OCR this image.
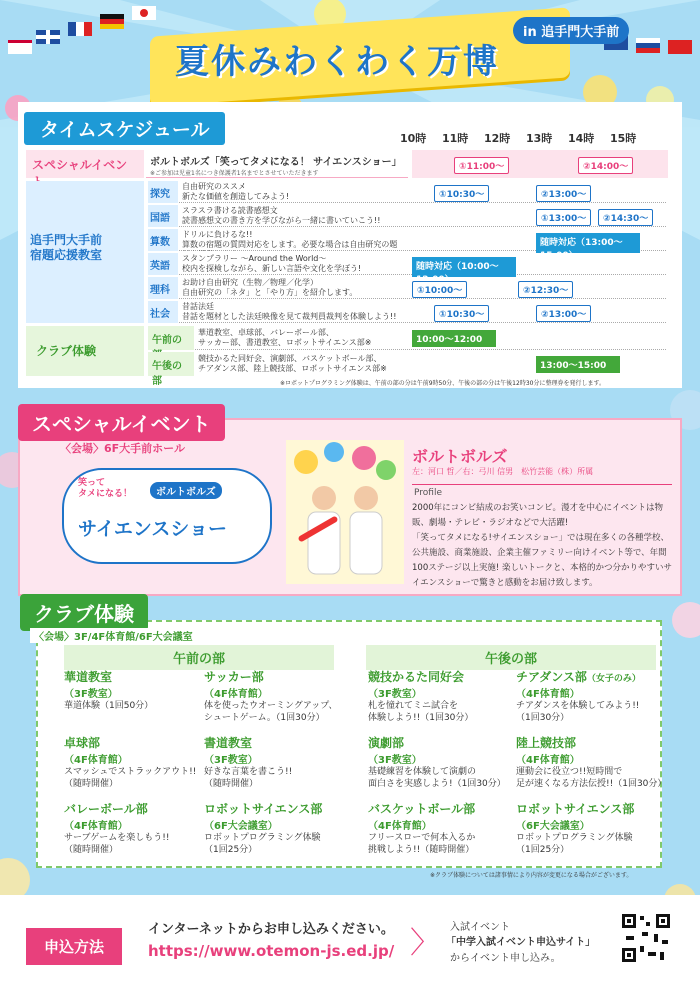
夏休みわくわく万博
in 追手門大手前
タイムスケジュール	10時 11時 12時 13時 14時 15時
スペシャルイベン	ボルトボルズ「笑ってタメになる！ サイエンスショー」
※ご参加は児童1名につき保護者1名までとさせていただきます
①11:00～	②14:00～
追手門大手前
宿題応援教室
探究
自由研究のススメ
新たな価値を創造してみよう!	①10:30～	②13:00～
国語
スラスラ書ける読書感想文
読書感想文の書き方を学びながら一緒に書いていこう!!	①13:00～	②14:30～
算数
ドリルに負けるな!!
算数の宿題の質問対応をします。必要な場合は自由研究の題	随時対応（13:00～
英語
スタンプラリー ～Around the World～
校内を探検しながら、新しい言語や文化を学ぼう!	随時対応（10:00～
理科
お助け自由研究（生物／物理／化学）
自由研究の「ネタ」と「やり方」を紹介します。	①10:00～	②12:30～
社会
昔話法廷
昔話を題材とした法廷映像を見て裁判員裁判を体験しよう!!	①10:30～	②13:00～
クラブ体験
午前の
華道教室、卓球部、バレーボール部、
サッカー部、書道教室、ロボットサイエンス部※	10:00～12:00
午後の部
競技かるた同好会、演劇部、バスケットボール部、
チアダンス部、陸上競技部、ロボットサイエンス部※	13:00～15:00
※ロボットプログラミング体験は、午前の部の分は午前9時50分、午後の部の分は午後12時30分に整理券を発行します。
スペシャルイベント
〈会場〉6F大手前ホール
笑って
タメになる！	ボルトボルズ
サイエンスショー
ボルトボルズ
左：河口 哲／右：弓川 信男　松竹芸能（株）所属
Profile
2000年にコンビ結成のお笑いコンビ。漫才を中心にイベントは物販、劇場・テレビ・ラジオなどで大活躍!
「笑ってタメになる!サイエンスショー」では現在多くの各種学校、公共施設、商業施設、企業主催ファミリー向けイベント等で、年間100ステージ以上実施! 楽しいトークと、本格的かつ分かりやすいサイエンスショーで驚きと感動をお届け致します。
クラブ体験
〈会場〉3F/4F体育館/6F大会議室
午前の部	午後の部
華道教室
（3F教室）
華道体験（1回50分）
サッカー部
（4F体育館）
体を使ったウオーミングアップ、
シュートゲーム。（1回30分）
卓球部
（4F体育館）
スマッシュでストラックアウト!!
（随時開催）
書道教室
（3F教室）
好きな言葉を書こう!!
（随時開催）
バレーボール部
（4F体育館）
サーブゲームを楽しもう!!
（随時開催）
ロボットサイエンス部
（6F大会議室）
ロボットプログラミング体験
（1回25分）
競技かるた同好会
（3F教室）
札を憧れてミニ試合を
体験しよう!!（1回30分）
チアダンス部（女子のみ）
（4F体育館）
チアダンスを体験してみよう!!
（1回30分）
演劇部
（3F教室）
基礎練習を体験して演劇の
面白さを実感しよう!（1回30分）
陸上競技部
（4F体育館）
運動会に役立つ!!短時間で
足が速くなる方法伝授!!（1回30分）
バスケットボール部
（4F体育館）
フリースローで何本入るか
挑戦しよう!!（随時開催）
ロボットサイエンス部
（6F大会議室）
ロボットプログラミング体験
（1回25分）
※クラブ体験については諸事情により内容が変更になる場合がございます。
申込方法
インターネットからお申し込みください。
https://www.otemon-js.ed.jp/ 〉 入試イベント
「中学入試イベント申込サイト」
からイベント申し込み。
